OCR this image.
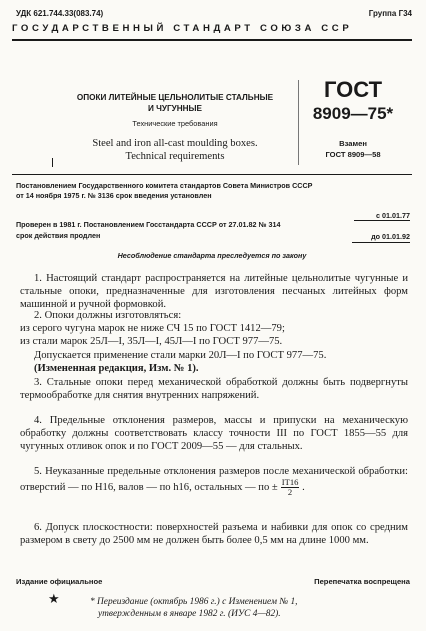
УДК 621.744.33(083.74)	Группа Г34
ГОСУДАРСТВЕННЫЙ СТАНДАРТ СОЮЗА ССР
ОПОКИ ЛИТЕЙНЫЕ ЦЕЛЬНОЛИТЫЕ СТАЛЬНЫЕ
И ЧУГУННЫЕ
Технические требования
Steel and iron all-cast moulding boxes.
Technical requirements
ГОСТ
8909—75*
Взамен
ГОСТ 8909—58
Постановлением Государственного комитета стандартов Совета Министров СССР
от 14 ноября 1975 г. № 3136 срок введения установлен
с 01.01.77
Проверен в 1981 г. Постановлением Госстандарта СССР от 27.01.82 № 314
срок действия продлен	до 01.01.92
Несоблюдение стандарта преследуется по закону
1. Настоящий стандарт распространяется на литейные цельнолитые чугунные и стальные опоки, предназначенные для изготовления песчаных литейных форм машинной и ручной формовкой.

2. Опоки должны изготовляться:

из серого чугуна марок не ниже СЧ 15 по ГОСТ 1412—79;

из стали марок 25Л—I, 35Л—I, 45Л—I по ГОСТ 977—75.

Допускается применение стали марки 20Л—I по ГОСТ 977—75.

(Измененная редакция, Изм. № 1).

3. Стальные опоки перед механической обработкой должны быть подвергнуты термообработке для снятия внутренних напряжений.
4. Предельные отклонения размеров, массы и припуски на механическую обработку должны соответствовать классу точности III по ГОСТ 1855—55 для чугунных отливок опок и по ГОСТ 2009—55 — для стальных.
5. Неуказанные предельные отклонения размеров после механической обработки: отверстий — по H16, валов — по h16, остальных — по ± $\frac{IT16}{2}$ .
6. Допуск плоскостности: поверхностей разъема и набивки для опок со средним размером в свету до 2500 мм не должен быть более 0,5 мм на длине 1000 мм.
Издание официальное	Перепечатка воспрещена
★	* Переиздание (октябрь 1986 г.) с Изменением № 1,
утвержденным в январе 1982 г. (ИУС 4—82).
